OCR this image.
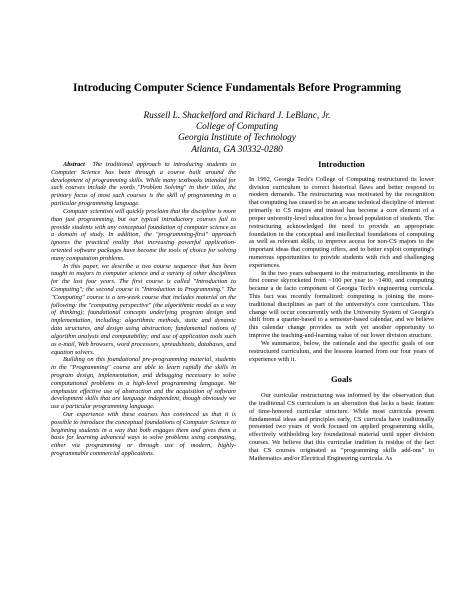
Introducing Computer Science Fundamentals Before Programming
Russell L. Shackelford and Richard J. LeBlanc, Jr.
College of Computing
Georgia Institute of Technology
Atlanta, GA 30332-0280

Abstract The traditional approach to introducing students to Computer Science has been through a course built around the development of programming skills. While many textbooks intended for such courses include the words "Problem Solving" in their titles, the primary focus of most such courses is the skill of programming in a particular programming language.

Computer scientists will quickly proclaim that the discipline is more than just programming, but our typical introductory courses fail to provide students with any conceptual foundation of computer science as a domain of study. In addition, the "programming-first" approach ignores the practical reality that increasing powerful application-oriented software packages have become the tools of choice for solving many computation problems.

In this paper, we describe a two course sequence that has been taught to majors in computer science and a variety of other disciplines for the last four years. The first course is called "Introduction to Computing"; the second course is "Introduction to Programming." The "Computing" course is a ten-week course that includes material on the following: the "computing perspective" (the algorithmic model as a way of thinking); foundational concepts underlying program design and implementation, including: algorithmic methods, static and dynamic data structures, and design using abstraction; fundamental notions of algorithm analysis and computability; and use of application tools such as e-mail, Web browsers, word processors, spreadsheets, databases, and equation solvers.

Building on this foundational pre-programming material, students in the "Programming" course are able to learn rapidly the skills in program design, implementation, and debugging necessary to solve computational problems in a high-level programming language. We emphasize effective use of abstraction and the acquisition of software development skills that are language independent, though obviously we use a particular programming language.

Our experience with these courses has convinced us that it is possible to introduce the conceptual foundations of Computer Science to beginning students in a way that both engages them and gives them a basis for learning advanced ways to solve problems using computing, either via programming or through use of modern, highly-programmable commercial applications.

Introduction

In 1992, Georgia Tech's College of Computing restructured its lower division curriculum to correct historical flaws and better respond to modern demands. The restructuring was motivated by the recognition that computing has ceased to be an arcane technical discipline of interest primarily to CS majors and instead has become a core element of a proper university-level education for a broad population of students. The restructuring acknowledged the need to provide an appropriate foundation in the conceptual and intellectual foundations of computing as well as relevant skills, to improve access for non-CS majors to the important ideas that computing offers, and to better exploit computing's numerous opportunities to provide students with rich and challenging experiences.

In the two years subsequent to the restructuring, enrollments in the first course skyrocketed from ~100 per year to ~1400, and computing became a de facto component of Georgia Tech's engineering curricula. This fact was recently formalized: computing is joining the more-traditional disciplines as part of the university's core curriculum. This change will occur concurrently with the University System of Georgia's shift from a quarter-based to a semester-based calendar, and we believe this calendar change provides us with yet another opportunity to improve the teaching-and-learning value of our lower division structure.

We summarize, below, the rationale and the specific goals of our restructured curriculum, and the lessons learned from our four years of experience with it.

Goals

Our curricular restructuring was informed by the observation that the traditional CS curriculum is an aberration that lacks a basic feature of time-honored curricular structure. While most curricula present fundamental ideas and principles early, CS curricula have traditionally presented two years of work focused on applied programming skills, effectively withholding key foundational material until upper division courses. We believe that this curricular tradition is residue of the fact that CS courses originated as "programming skills add-ons" to Mathematics and/or Electrical Engineering curricula. As
